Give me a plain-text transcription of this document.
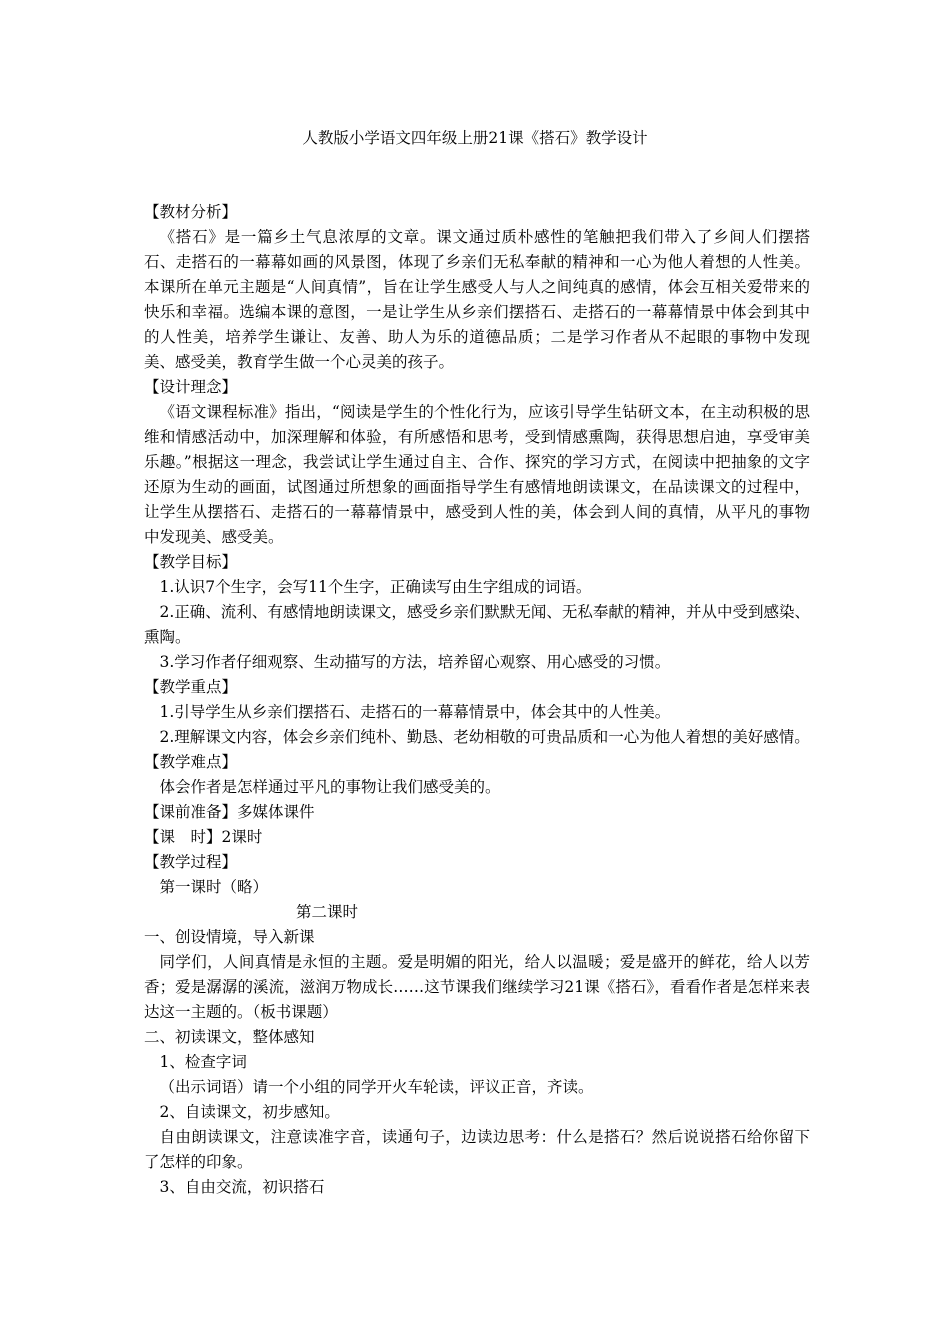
人教版小学语文四年级上册21课《搭石》教学设计

【教材分析】

《搭石》是一篇乡土气息浓厚的文章。课文通过质朴感性的笔触把我们带入了乡间人们摆搭石、走搭石的一幕幕如画的风景图，体现了乡亲们无私奉献的精神和一心为他人着想的人性美。本课所在单元主题是“人间真情”，旨在让学生感受人与人之间纯真的感情，体会互相关爱带来的快乐和幸福。选编本课的意图，一是让学生从乡亲们摆搭石、走搭石的一幕幕情景中体会到其中的人性美，培养学生谦让、友善、助人为乐的道德品质；二是学习作者从不起眼的事物中发现美、感受美，教育学生做一个心灵美的孩子。

【设计理念】

《语文课程标准》指出，“阅读是学生的个性化行为，应该引导学生钻研文本，在主动积极的思维和情感活动中，加深理解和体验，有所感悟和思考，受到情感熏陶，获得思想启迪，享受审美乐趣。”根据这一理念，我尝试让学生通过自主、合作、探究的学习方式，在阅读中把抽象的文字还原为生动的画面，试图通过所想象的画面指导学生有感情地朗读课文，在品读课文的过程中，让学生从摆搭石、走搭石的一幕幕情景中，感受到人性的美，体会到人间的真情，从平凡的事物中发现美、感受美。

【教学目标】

1.认识7个生字，会写11个生字，正确读写由生字组成的词语。

2.正确、流利、有感情地朗读课文，感受乡亲们默默无闻、无私奉献的精神，并从中受到感染、熏陶。

3.学习作者仔细观察、生动描写的方法，培养留心观察、用心感受的习惯。

【教学重点】

1.引导学生从乡亲们摆搭石、走搭石的一幕幕情景中，体会其中的人性美。

2.理解课文内容，体会乡亲们纯朴、勤恳、老幼相敬的可贵品质和一心为他人着想的美好感情。

【教学难点】

体会作者是怎样通过平凡的事物让我们感受美的。

【课前准备】多媒体课件

【课　时】2课时

【教学过程】

第一课时（略）

第二课时

一、创设情境，导入新课

同学们，人间真情是永恒的主题。爱是明媚的阳光，给人以温暖；爱是盛开的鲜花，给人以芳香；爱是潺潺的溪流，滋润万物成长……这节课我们继续学习21课《搭石》，看看作者是怎样来表达这一主题的。（板书课题）

二、初读课文，整体感知

1、检查字词

（出示词语）请一个小组的同学开火车轮读，评议正音，齐读。

2、自读课文，初步感知。

自由朗读课文，注意读准字音，读通句子，边读边思考：什么是搭石？然后说说搭石给你留下了怎样的印象。

3、自由交流，初识搭石
